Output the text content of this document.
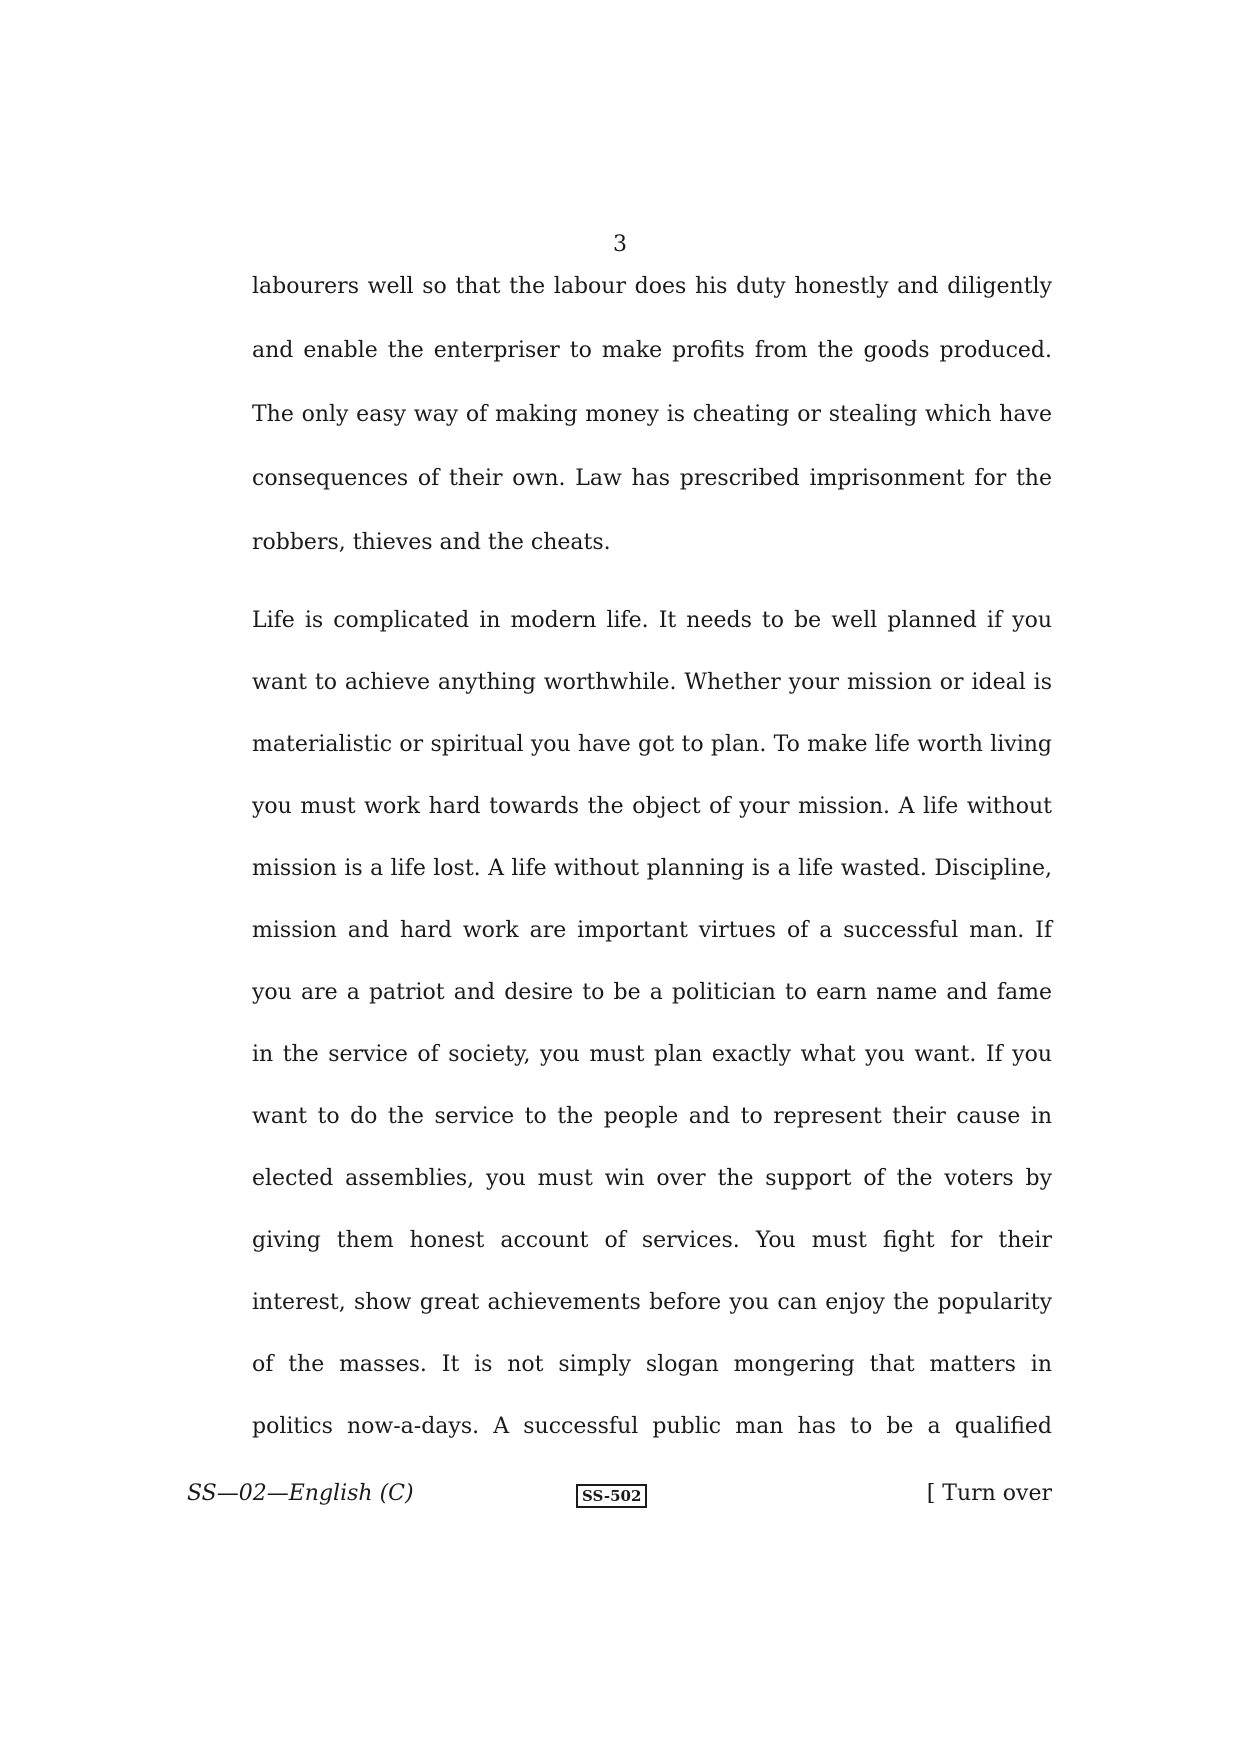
3
labourers well so that the labour does his duty honestly and diligently
and enable the enterpriser to make profits from the goods produced.
The only easy way of making money is cheating or stealing which have
consequences of their own. Law has prescribed imprisonment for the
robbers, thieves and the cheats.
Life is complicated in modern life. It needs to be well planned if you
want to achieve anything worthwhile. Whether your mission or ideal is
materialistic or spiritual you have got to plan. To make life worth living
you must work hard towards the object of your mission. A life without
mission is a life lost. A life without planning is a life wasted. Discipline,
mission and hard work are important virtues of a successful man. If
you are a patriot and desire to be a politician to earn name and fame
in the service of society, you must plan exactly what you want. If you
want to do the service to the people and to represent their cause in
elected assemblies, you must win over the support of the voters by
giving them honest account of services. You must fight for their
interest, show great achievements before you can enjoy the popularity
of the masses. It is not simply slogan mongering that matters in
politics now-a-days. A successful public man has to be a qualified
SS—02—English (C)	SS-502	[ Turn over
